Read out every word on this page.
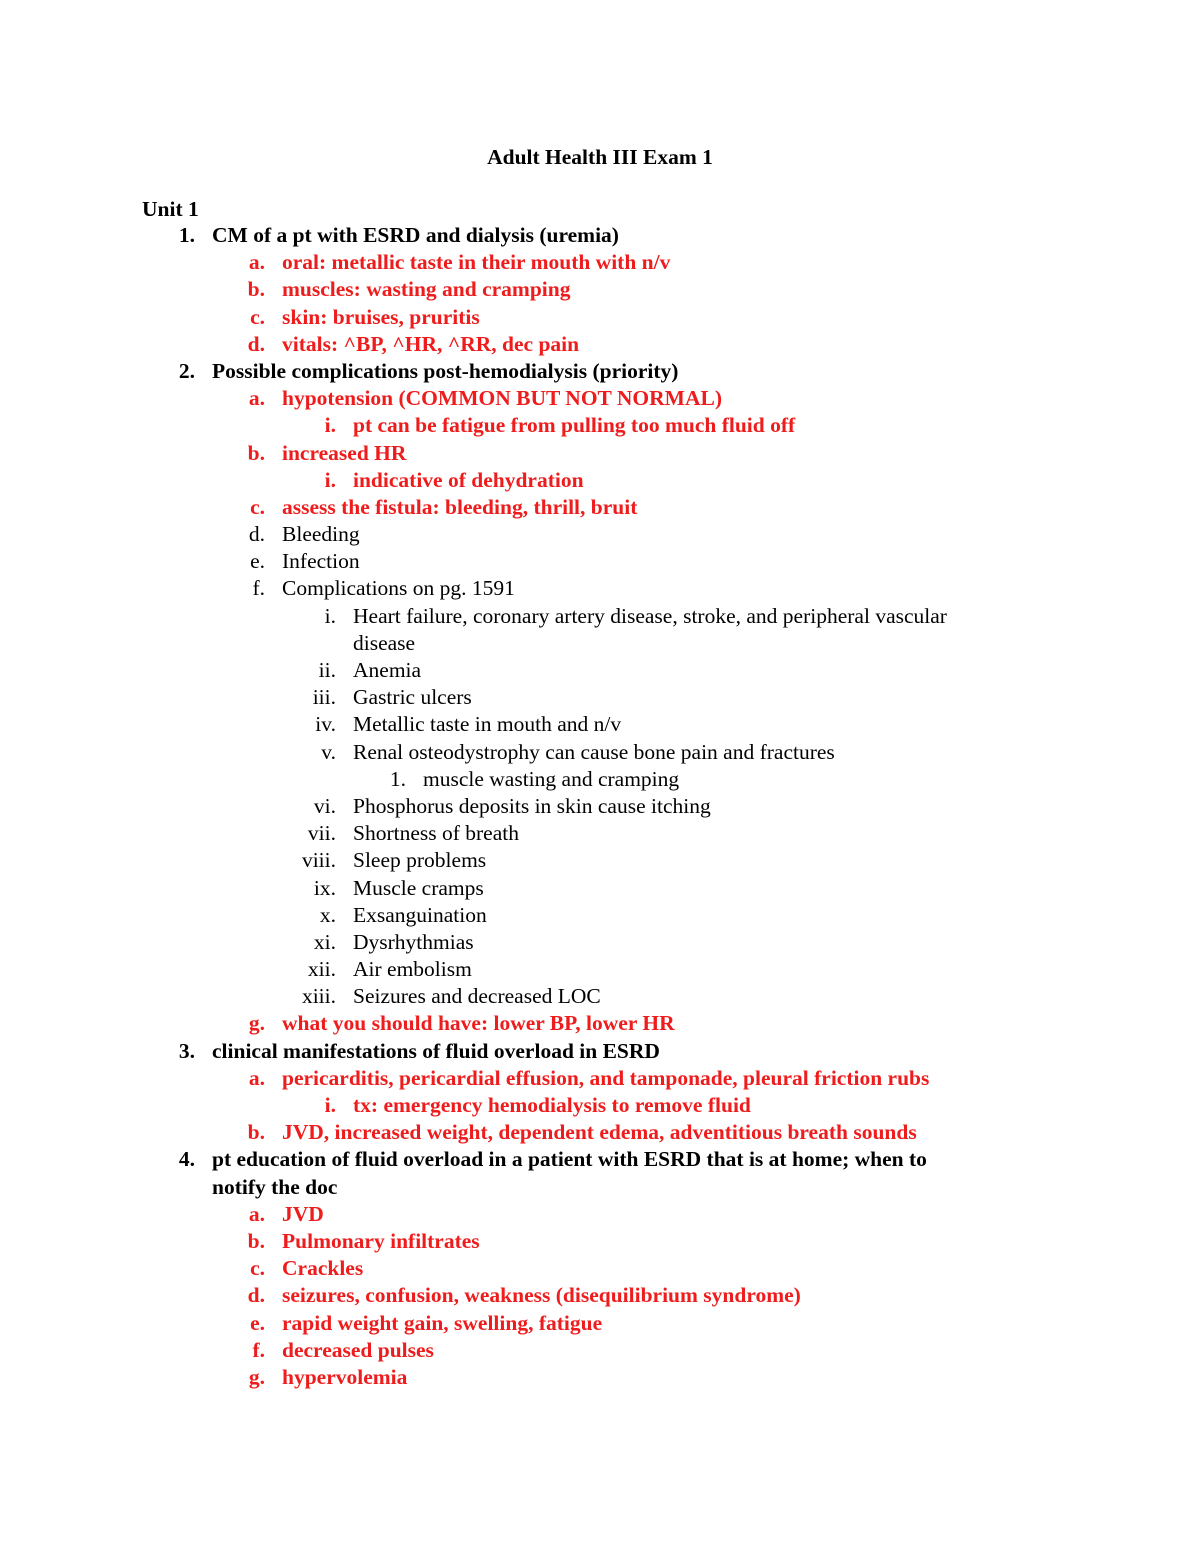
Adult Health III Exam 1
Unit 1
1. CM of a pt with ESRD and dialysis (uremia)
a. oral: metallic taste in their mouth with n/v
b. muscles: wasting and cramping
c. skin: bruises, pruritis
d. vitals: ^BP, ^HR, ^RR, dec pain
2. Possible complications post-hemodialysis (priority)
a. hypotension (COMMON BUT NOT NORMAL)
i. pt can be fatigue from pulling too much fluid off
b. increased HR
i. indicative of dehydration
c. assess the fistula: bleeding, thrill, bruit
d. Bleeding
e. Infection
f. Complications on pg. 1591
i. Heart failure, coronary artery disease, stroke, and peripheral vascular
disease
ii. Anemia
iii. Gastric ulcers
iv. Metallic taste in mouth and n/v
v. Renal osteodystrophy can cause bone pain and fractures
1. muscle wasting and cramping
vi. Phosphorus deposits in skin cause itching
vii. Shortness of breath
viii. Sleep problems
ix. Muscle cramps
x. Exsanguination
xi. Dysrhythmias
xii. Air embolism
xiii. Seizures and decreased LOC
g. what you should have: lower BP, lower HR
3. clinical manifestations of fluid overload in ESRD
a. pericarditis, pericardial effusion, and tamponade, pleural friction rubs
i. tx: emergency hemodialysis to remove fluid
b. JVD, increased weight, dependent edema, adventitious breath sounds
4. pt education of fluid overload in a patient with ESRD that is at home; when to
notify the doc
a. JVD
b. Pulmonary infiltrates
c. Crackles
d. seizures, confusion, weakness (disequilibrium syndrome)
e. rapid weight gain, swelling, fatigue
f. decreased pulses
g. hypervolemia
